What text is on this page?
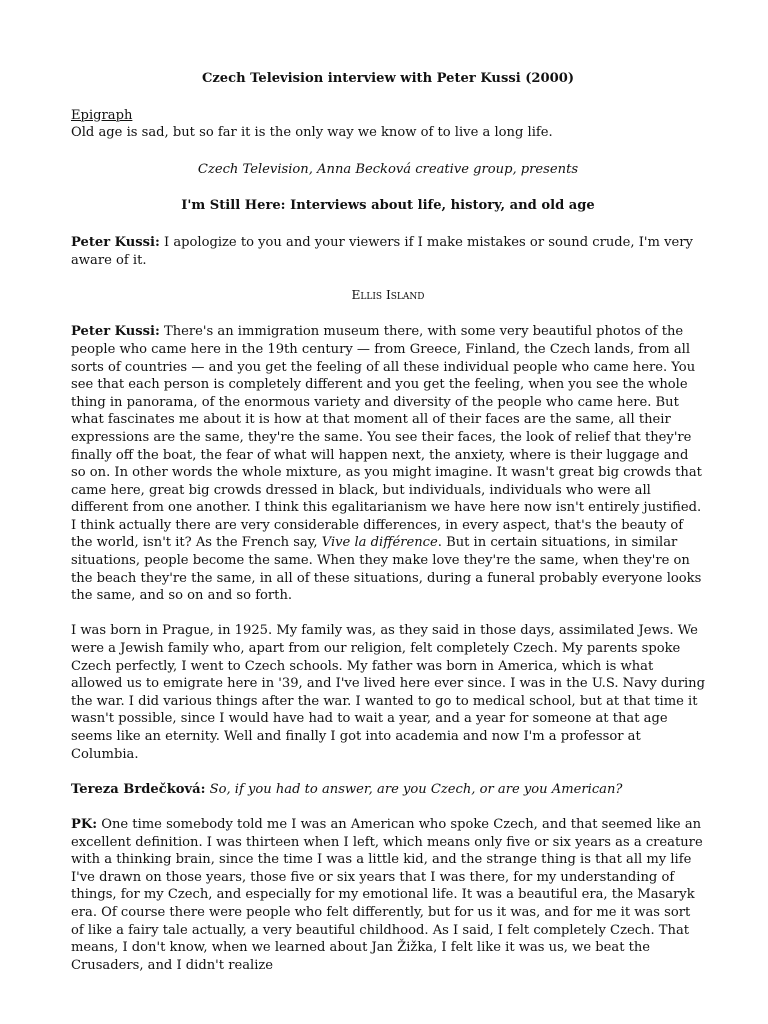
Czech Television interview with Peter Kussi (2000)
Epigraph
Old age is sad, but so far it is the only way we know of to live a long life.
Czech Television, Anna Becková creative group, presents
I'm Still Here: Interviews about life, history, and old age

Peter Kussi: I apologize to you and your viewers if I make mistakes or sound crude, I'm very aware of it.

Ellis Island

Peter Kussi: There's an immigration museum there, with some very beautiful photos of the people who came here in the 19th century — from Greece, Finland, the Czech lands, from all sorts of countries — and you get the feeling of all these individual people who came here. You see that each person is completely different and you get the feeling, when you see the whole thing in panorama, of the enormous variety and diversity of the people who came here. But what fascinates me about it is how at that moment all of their faces are the same, all their expressions are the same, they're the same. You see their faces, the look of relief that they're finally off the boat, the fear of what will happen next, the anxiety, where is their luggage and so on. In other words the whole mixture, as you might imagine. It wasn't great big crowds that came here, great big crowds dressed in black, but individuals, individuals who were all different from one another. I think this egalitarianism we have here now isn't entirely justified. I think actually there are very considerable differences, in every aspect, that's the beauty of the world, isn't it? As the French say, Vive la différence. But in certain situations, in similar situations, people become the same. When they make love they're the same, when they're on the beach they're the same, in all of these situations, during a funeral probably everyone looks the same, and so on and so forth.

I was born in Prague, in 1925. My family was, as they said in those days, assimilated Jews. We were a Jewish family who, apart from our religion, felt completely Czech. My parents spoke Czech perfectly, I went to Czech schools. My father was born in America, which is what allowed us to emigrate here in '39, and I've lived here ever since. I was in the U.S. Navy during the war. I did various things after the war. I wanted to go to medical school, but at that time it wasn't possible, since I would have had to wait a year, and a year for someone at that age seems like an eternity. Well and finally I got into academia and now I'm a professor at Columbia.

Tereza Brdečková: So, if you had to answer, are you Czech, or are you American?

PK: One time somebody told me I was an American who spoke Czech, and that seemed like an excellent definition. I was thirteen when I left, which means only five or six years as a creature with a thinking brain, since the time I was a little kid, and the strange thing is that all my life I've drawn on those years, those five or six years that I was there, for my understanding of things, for my Czech, and especially for my emotional life. It was a beautiful era, the Masaryk era. Of course there were people who felt differently, but for us it was, and for me it was sort of like a fairy tale actually, a very beautiful childhood. As I said, I felt completely Czech. That means, I don't know, when we learned about Jan Žižka, I felt like it was us, we beat the Crusaders, and I didn't realize
